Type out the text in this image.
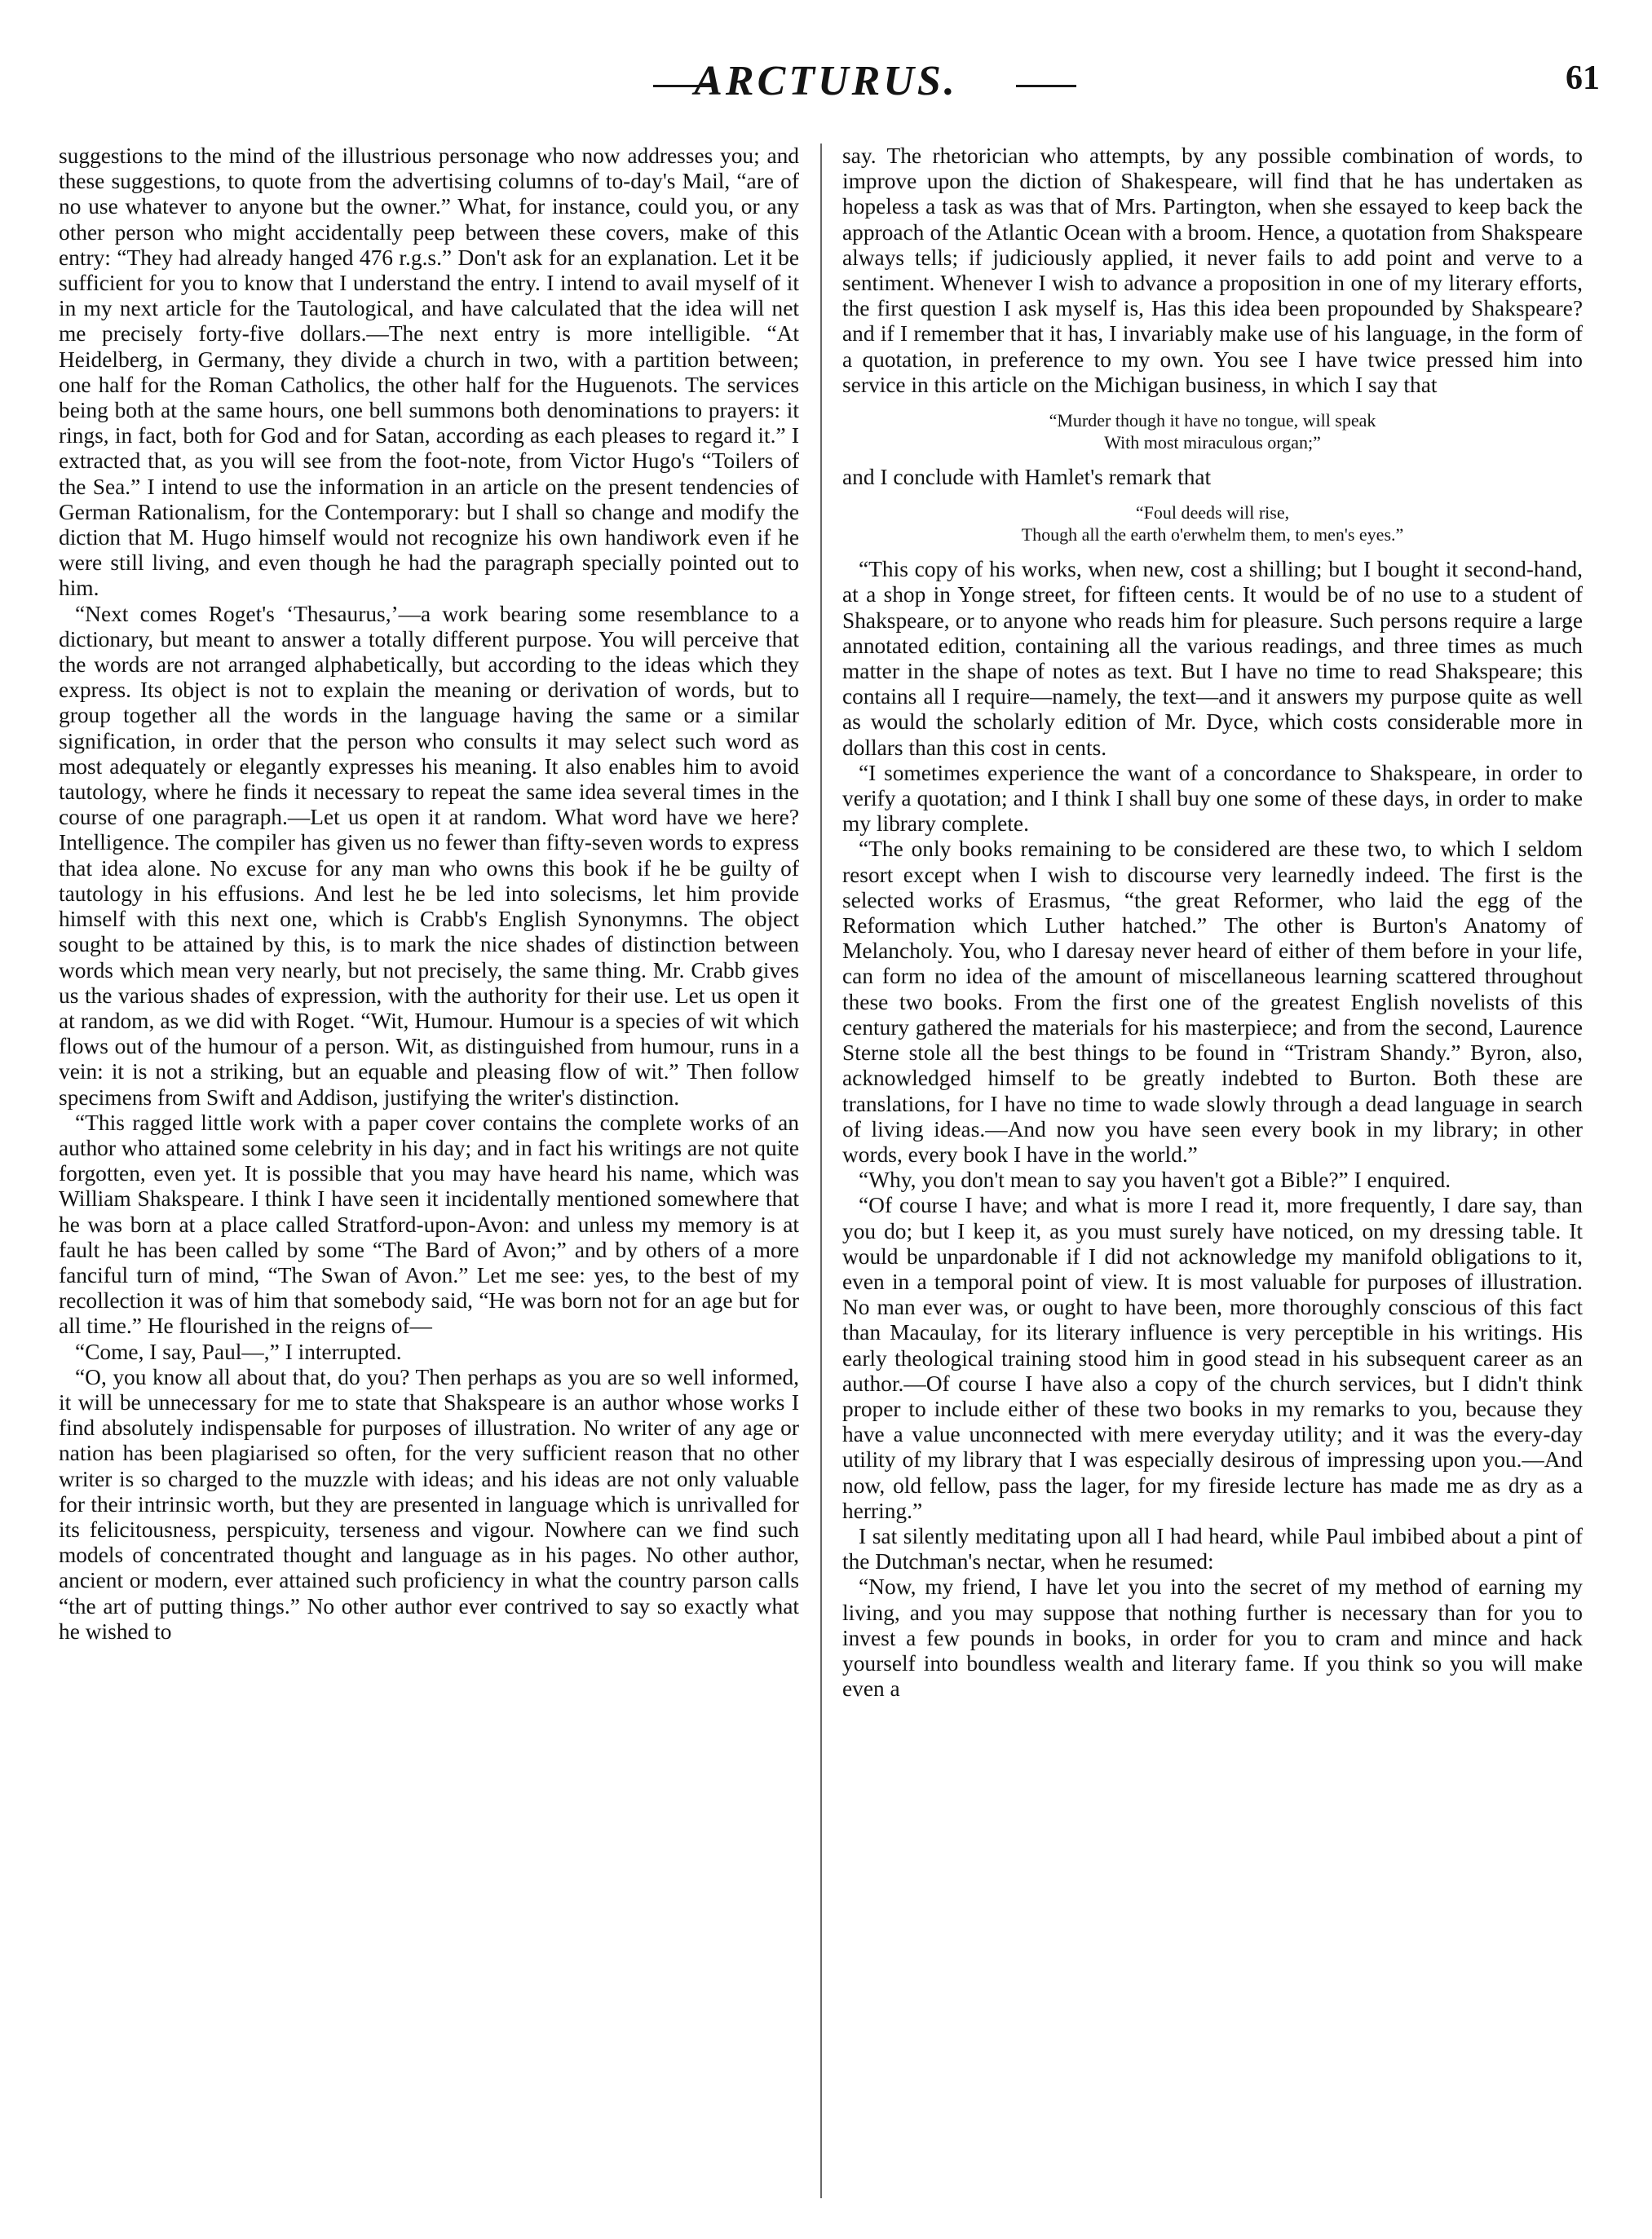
ARCTURUS.	61

suggestions to the mind of the illustrious personage who now addresses you; and these suggestions, to quote from the advertising columns of to-day's Mail, “are of no use whatever to anyone but the owner.” What, for instance, could you, or any other person who might accidentally peep between these covers, make of this entry: “They had already hanged 476 r.g.s.” Don't ask for an explanation. Let it be sufficient for you to know that I understand the entry. I intend to avail myself of it in my next article for the Tautological, and have calculated that the idea will net me precisely forty-five dollars.—The next entry is more intelligible. “At Heidelberg, in Germany, they divide a church in two, with a partition between; one half for the Roman Catholics, the other half for the Huguenots. The services being both at the same hours, one bell summons both denominations to prayers: it rings, in fact, both for God and for Satan, according as each pleases to regard it.” I extracted that, as you will see from the foot-note, from Victor Hugo's “Toilers of the Sea.” I intend to use the information in an article on the present tendencies of German Rationalism, for the Contemporary: but I shall so change and modify the diction that M. Hugo himself would not recognize his own handiwork even if he were still living, and even though he had the paragraph specially pointed out to him.

“Next comes Roget's ‘Thesaurus,’—a work bearing some resemblance to a dictionary, but meant to answer a totally different purpose. You will perceive that the words are not arranged alphabetically, but according to the ideas which they express. Its object is not to explain the meaning or derivation of words, but to group together all the words in the language having the same or a similar signification, in order that the person who consults it may select such word as most adequately or elegantly expresses his meaning. It also enables him to avoid tautology, where he finds it necessary to repeat the same idea several times in the course of one paragraph.—Let us open it at random. What word have we here? Intelligence. The compiler has given us no fewer than fifty-seven words to express that idea alone. No excuse for any man who owns this book if he be guilty of tautology in his effusions. And lest he be led into solecisms, let him provide himself with this next one, which is Crabb's English Synonymns. The object sought to be attained by this, is to mark the nice shades of distinction between words which mean very nearly, but not precisely, the same thing. Mr. Crabb gives us the various shades of expression, with the authority for their use. Let us open it at random, as we did with Roget. “Wit, Humour. Humour is a species of wit which flows out of the humour of a person. Wit, as distinguished from humour, runs in a vein: it is not a striking, but an equable and pleasing flow of wit.” Then follow specimens from Swift and Addison, justifying the writer's distinction.

“This ragged little work with a paper cover contains the complete works of an author who attained some celebrity in his day; and in fact his writings are not quite forgotten, even yet. It is possible that you may have heard his name, which was William Shakspeare. I think I have seen it incidentally mentioned somewhere that he was born at a place called Stratford-upon-Avon: and unless my memory is at fault he has been called by some “The Bard of Avon;” and by others of a more fanciful turn of mind, “The Swan of Avon.” Let me see: yes, to the best of my recollection it was of him that somebody said, “He was born not for an age but for all time.” He flourished in the reigns of—

“Come, I say, Paul—,” I interrupted.

“O, you know all about that, do you? Then perhaps as you are so well informed, it will be unnecessary for me to state that Shakspeare is an author whose works I find absolutely indispensable for purposes of illustration. No writer of any age or nation has been plagiarised so often, for the very sufficient reason that no other writer is so charged to the muzzle with ideas; and his ideas are not only valuable for their intrinsic worth, but they are presented in language which is unrivalled for its felicitousness, perspicuity, terseness and vigour. Nowhere can we find such models of concentrated thought and language as in his pages. No other author, ancient or modern, ever attained such proficiency in what the country parson calls “the art of putting things.” No other author ever contrived to say so exactly what he wished to

say. The rhetorician who attempts, by any possible combination of words, to improve upon the diction of Shakespeare, will find that he has undertaken as hopeless a task as was that of Mrs. Partington, when she essayed to keep back the approach of the Atlantic Ocean with a broom. Hence, a quotation from Shakspeare always tells; if judiciously applied, it never fails to add point and verve to a sentiment. Whenever I wish to advance a proposition in one of my literary efforts, the first question I ask myself is, Has this idea been propounded by Shakspeare? and if I remember that it has, I invariably make use of his language, in the form of a quotation, in preference to my own. You see I have twice pressed him into service in this article on the Michigan business, in which I say that

“Murder though it have no tongue, will speak
With most miraculous organ;”

and I conclude with Hamlet's remark that

“Foul deeds will rise,
Though all the earth o'erwhelm them, to men's eyes.”

“This copy of his works, when new, cost a shilling; but I bought it second-hand, at a shop in Yonge street, for fifteen cents. It would be of no use to a student of Shakspeare, or to anyone who reads him for pleasure. Such persons require a large annotated edition, containing all the various readings, and three times as much matter in the shape of notes as text. But I have no time to read Shakspeare; this contains all I require—namely, the text—and it answers my purpose quite as well as would the scholarly edition of Mr. Dyce, which costs considerable more in dollars than this cost in cents.

“I sometimes experience the want of a concordance to Shakspeare, in order to verify a quotation; and I think I shall buy one some of these days, in order to make my library complete.

“The only books remaining to be considered are these two, to which I seldom resort except when I wish to discourse very learnedly indeed. The first is the selected works of Erasmus, “the great Reformer, who laid the egg of the Reformation which Luther hatched.” The other is Burton's Anatomy of Melancholy. You, who I daresay never heard of either of them before in your life, can form no idea of the amount of miscellaneous learning scattered throughout these two books. From the first one of the greatest English novelists of this century gathered the materials for his masterpiece; and from the second, Laurence Sterne stole all the best things to be found in “Tristram Shandy.” Byron, also, acknowledged himself to be greatly indebted to Burton. Both these are translations, for I have no time to wade slowly through a dead language in search of living ideas.—And now you have seen every book in my library; in other words, every book I have in the world.”

“Why, you don't mean to say you haven't got a Bible?” I enquired.

“Of course I have; and what is more I read it, more frequently, I dare say, than you do; but I keep it, as you must surely have noticed, on my dressing table. It would be unpardonable if I did not acknowledge my manifold obligations to it, even in a temporal point of view. It is most valuable for purposes of illustration. No man ever was, or ought to have been, more thoroughly conscious of this fact than Macaulay, for its literary influence is very perceptible in his writings. His early theological training stood him in good stead in his subsequent career as an author.—Of course I have also a copy of the church services, but I didn't think proper to include either of these two books in my remarks to you, because they have a value unconnected with mere everyday utility; and it was the every-day utility of my library that I was especially desirous of impressing upon you.—And now, old fellow, pass the lager, for my fireside lecture has made me as dry as a herring.”

I sat silently meditating upon all I had heard, while Paul imbibed about a pint of the Dutchman's nectar, when he resumed:

“Now, my friend, I have let you into the secret of my method of earning my living, and you may suppose that nothing further is necessary than for you to invest a few pounds in books, in order for you to cram and mince and hack yourself into boundless wealth and literary fame. If you think so you will make even a
